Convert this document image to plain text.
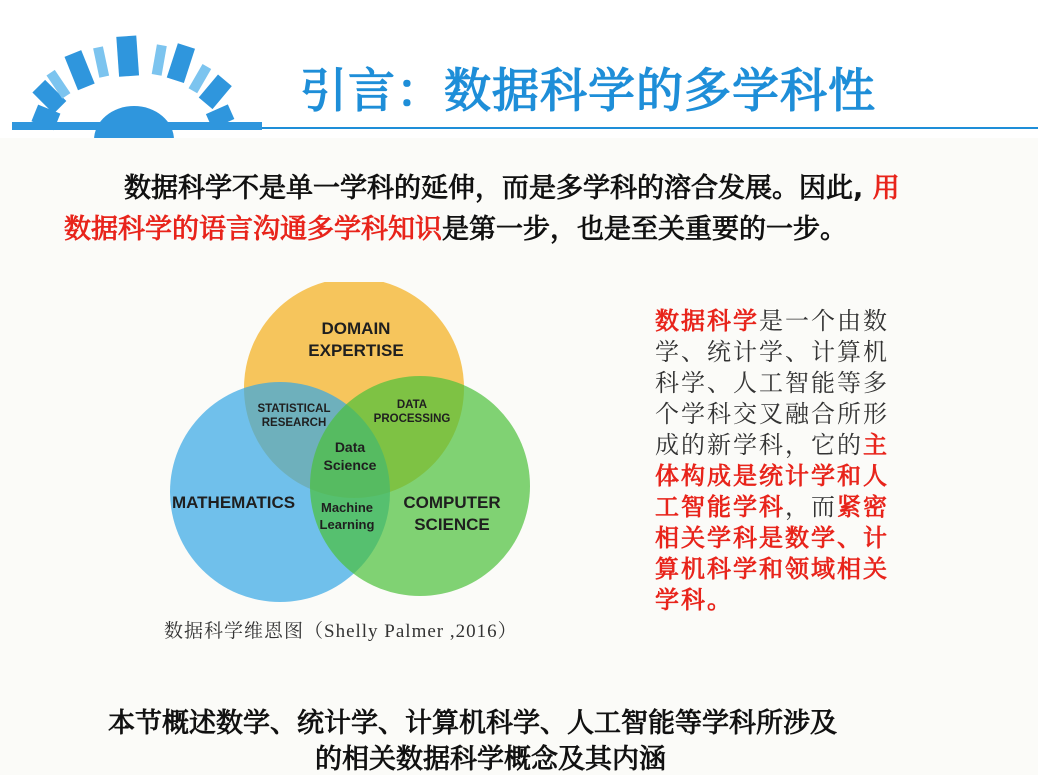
引言：数据科学的多学科性
数据科学不是单一学科的延伸，而是多学科的溶合发展。因此, 用
数据科学的语言沟通多学科知识是第一步，也是至关重要的一步。
DOMAIN
EXPERTISE
MATHEMATICS	COMPUTER
SCIENCE
STATISTICAL
RESEARCH
DATA
PROCESSING
Data
Science
Machine
Learning
数据科学维恩图（Shelly Palmer ,2016）
数据科学是一个由数学、统计学、计算机科学、人工智能等多个学科交叉融合所形成的新学科，它的主体构成是统计学和人工智能学科，而紧密相关学科是数学、计算机科学和领域相关学科。
本节概述数学、统计学、计算机科学、人工智能等学科所涉及
的相关数据科学概念及其内涵
